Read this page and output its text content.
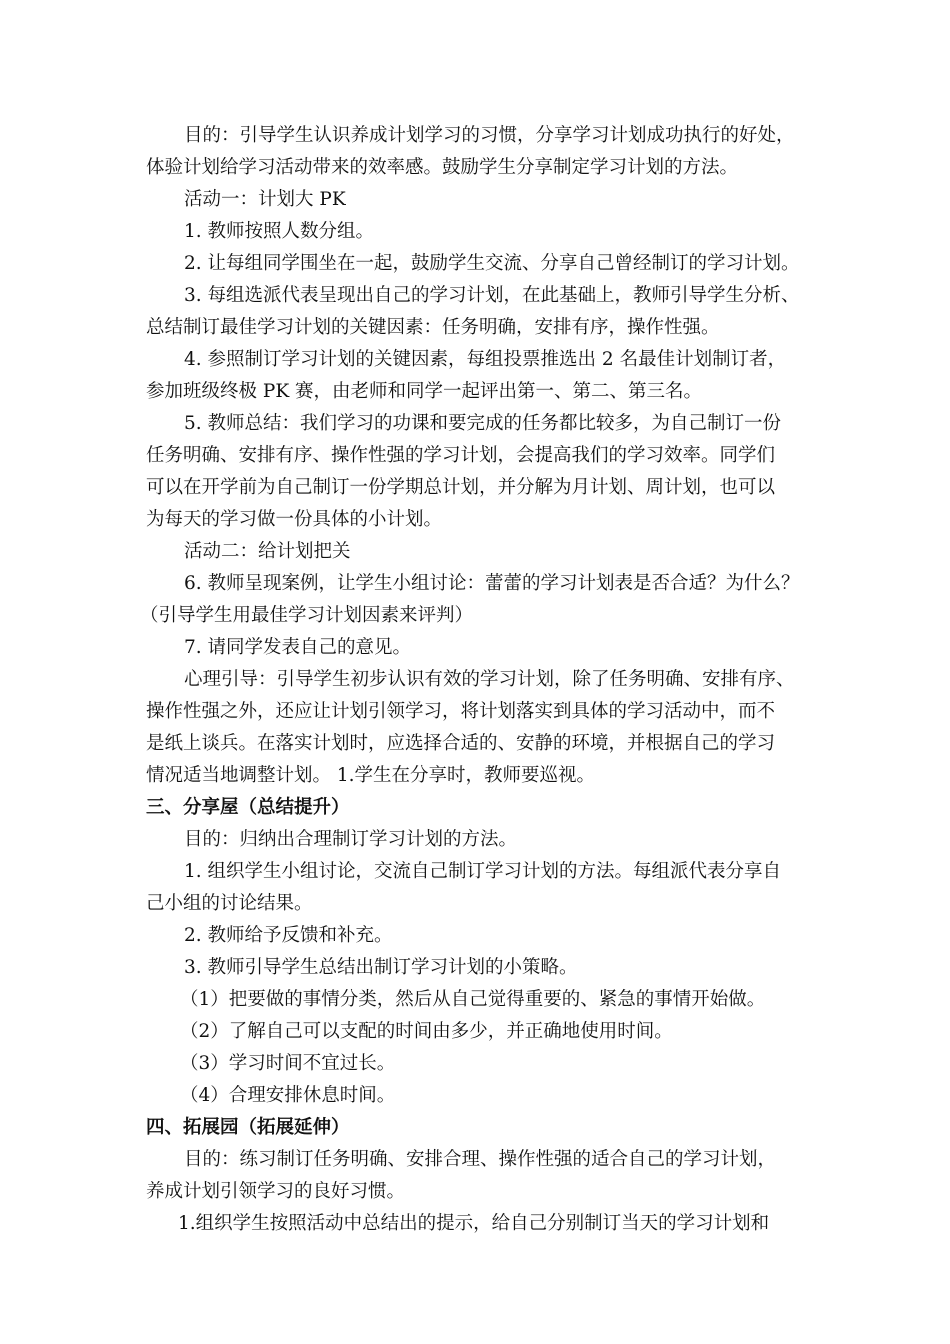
目的：引导学生认识养成计划学习的习惯，分享学习计划成功执行的好处，
体验计划给学习活动带来的效率感。鼓励学生分享制定学习计划的方法。
活动一：计划大 PK
1. 教师按照人数分组。
2. 让每组同学围坐在一起，鼓励学生交流、分享自己曾经制订的学习计划。
3. 每组选派代表呈现出自己的学习计划，在此基础上，教师引导学生分析、
总结制订最佳学习计划的关键因素：任务明确，安排有序，操作性强。
4. 参照制订学习计划的关键因素，每组投票推选出 2 名最佳计划制订者，
参加班级终极 PK 赛，由老师和同学一起评出第一、第二、第三名。
5. 教师总结：我们学习的功课和要完成的任务都比较多，为自己制订一份
任务明确、安排有序、操作性强的学习计划，会提高我们的学习效率。同学们
可以在开学前为自己制订一份学期总计划，并分解为月计划、周计划，也可以
为每天的学习做一份具体的小计划。
活动二：给计划把关
6. 教师呈现案例，让学生小组讨论：蕾蕾的学习计划表是否合适？为什么？
（引导学生用最佳学习计划因素来评判）
7. 请同学发表自己的意见。
心理引导：引导学生初步认识有效的学习计划，除了任务明确、安排有序、
操作性强之外，还应让计划引领学习，将计划落实到具体的学习活动中，而不
是纸上谈兵。在落实计划时，应选择合适的、安静的环境，并根据自己的学习
情况适当地调整计划。 1.学生在分享时，教师要巡视。
三、分享屋（总结提升）
目的：归纳出合理制订学习计划的方法。
1. 组织学生小组讨论，交流自己制订学习计划的方法。每组派代表分享自
己小组的讨论结果。
2. 教师给予反馈和补充。
3. 教师引导学生总结出制订学习计划的小策略。
（1）把要做的事情分类，然后从自己觉得重要的、紧急的事情开始做。
（2）了解自己可以支配的时间由多少，并正确地使用时间。
（3）学习时间不宜过长。
（4）合理安排休息时间。
四、拓展园（拓展延伸）
目的：练习制订任务明确、安排合理、操作性强的适合自己的学习计划，
养成计划引领学习的良好习惯。
1.组织学生按照活动中总结出的提示，给自己分别制订当天的学习计划和
